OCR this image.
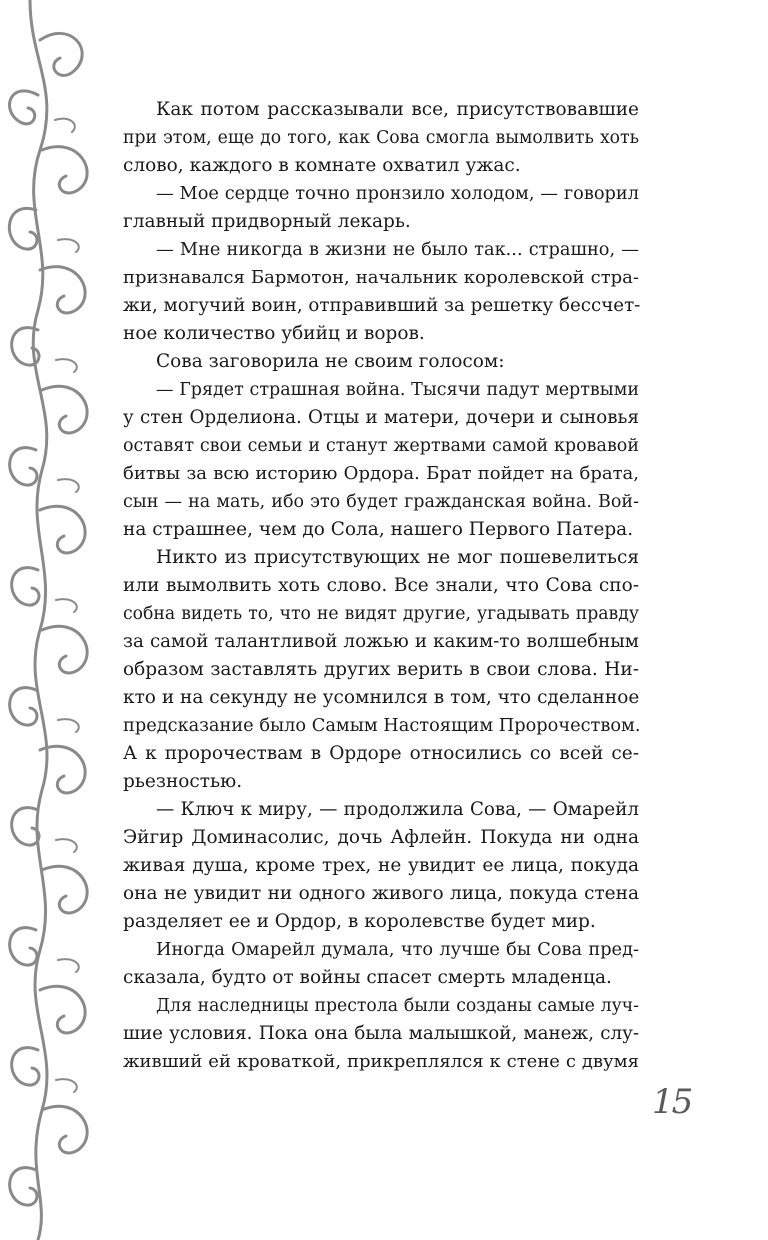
Как потом рассказывали все, присутствовавшие
при этом, еще до того, как Сова смогла вымолвить хоть
слово, каждого в комнате охватил ужас.
— Мое сердце точно пронзило холодом, — говорил
главный придворный лекарь.
— Мне никогда в жизни не было так... страшно, —
признавался Бармотон, начальник королевской стра-
жи, могучий воин, отправивший за решетку бессчет-
ное количество убийц и воров.
Сова заговорила не своим голосом:
— Грядет страшная война. Тысячи падут мертвыми
у стен Орделиона. Отцы и матери, дочери и сыновья
оставят свои семьи и станут жертвами самой кровавой
битвы за всю историю Ордора. Брат пойдет на брата,
сын — на мать, ибо это будет гражданская война. Вой-
на страшнее, чем до Сола, нашего Первого Патера.
Никто из присутствующих не мог пошевелиться
или вымолвить хоть слово. Все знали, что Сова спо-
собна видеть то, что не видят другие, угадывать правду
за самой талантливой ложью и каким-то волшебным
образом заставлять других верить в свои слова. Ни-
кто и на секунду не усомнился в том, что сделанное
предсказание было Самым Настоящим Пророчеством.
А к пророчествам в Ордоре относились со всей се-
рьезностью.
— Ключ к миру, — продолжила Сова, — Омарейл
Эйгир Доминасолис, дочь Афлейн. Покуда ни одна
живая душа, кроме трех, не увидит ее лица, покуда
она не увидит ни одного живого лица, покуда стена
разделяет ее и Ордор, в королевстве будет мир.
Иногда Омарейл думала, что лучше бы Сова пред-
сказала, будто от войны спасет смерть младенца.
Для наследницы престола были созданы самые луч-
шие условия. Пока она была малышкой, манеж, слу-
живший ей кроваткой, прикреплялся к стене с двумя
15
